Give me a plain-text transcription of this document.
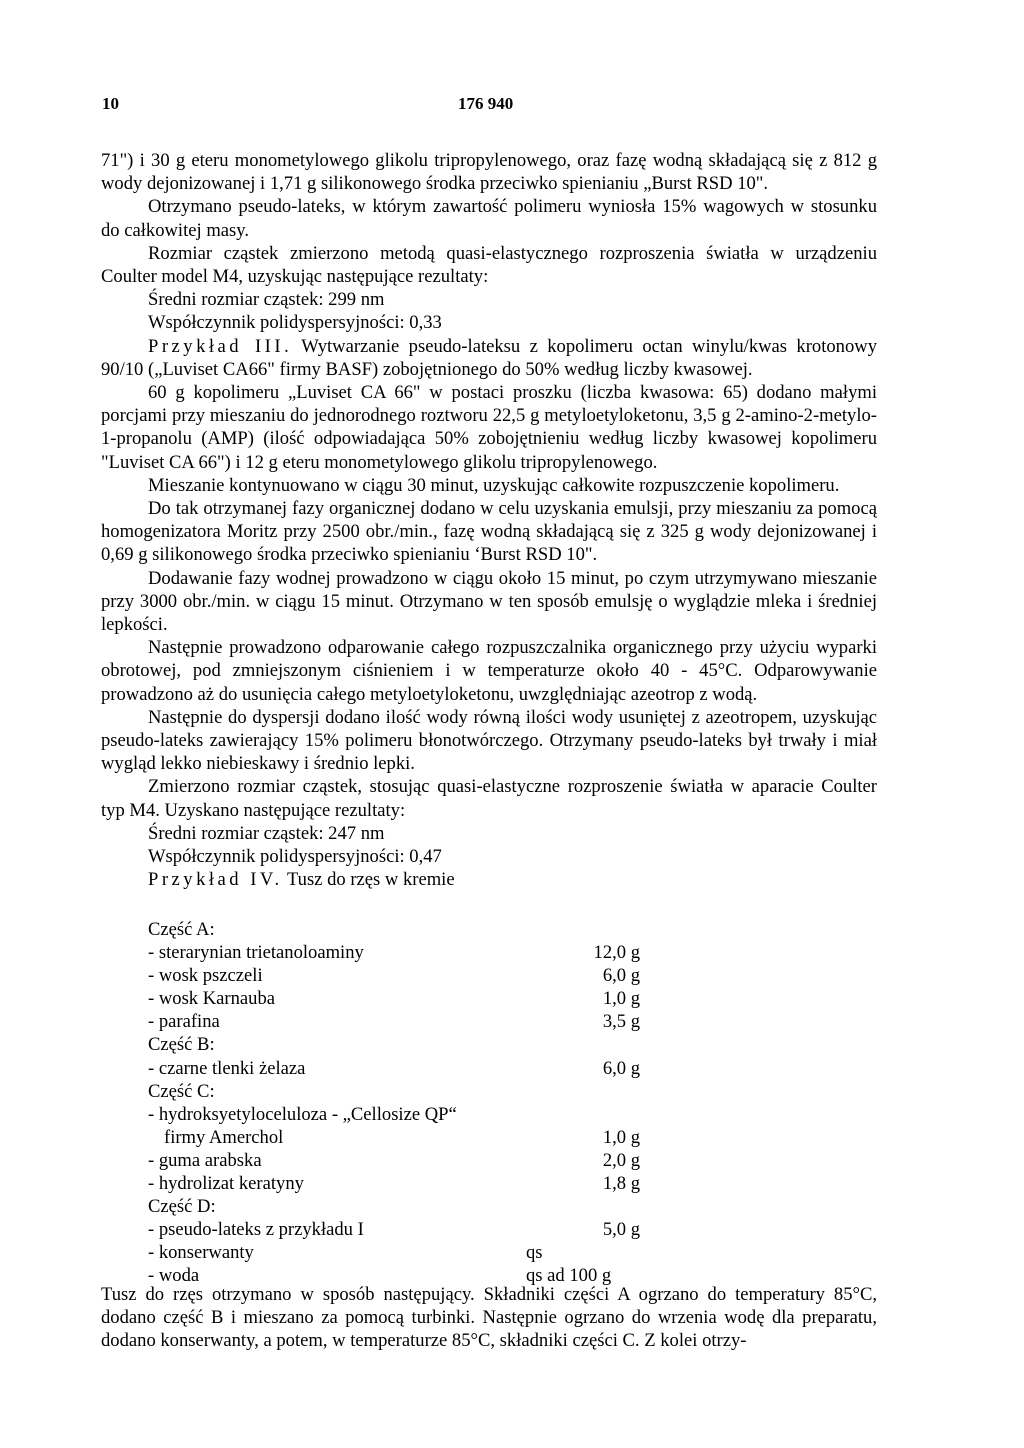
10	176 940

71") i 30 g eteru monometylowego glikolu tripropylenowego, oraz fazę wodną składającą się z 812 g wody dejonizowanej i 1,71 g silikonowego środka przeciwko spienianiu „Burst RSD 10".

Otrzymano pseudo-lateks, w którym zawartość polimeru wyniosła 15% wagowych w stosunku do całkowitej masy.

Rozmiar cząstek zmierzono metodą quasi-elastycznego rozproszenia światła w urządzeniu Coulter model M4, uzyskując następujące rezultaty:

Średni rozmiar cząstek: 299 nm

Współczynnik polidyspersyjności: 0,33

Przykład III. Wytwarzanie pseudo-lateksu z kopolimeru octan winylu/kwas krotonowy 90/10 („Luviset CA66" firmy BASF) zobojętnionego do 50% według liczby kwasowej.

60 g kopolimeru „Luviset CA 66" w postaci proszku (liczba kwasowa: 65) dodano małymi porcjami przy mieszaniu do jednorodnego roztworu 22,5 g metyloetyloketonu, 3,5 g 2-amino-2-metylo-1-propanolu (AMP) (ilość odpowiadająca 50% zobojętnieniu według liczby kwasowej kopolimeru "Luviset CA 66") i 12 g eteru monometylowego glikolu tripropylenowego.

Mieszanie kontynuowano w ciągu 30 minut, uzyskując całkowite rozpuszczenie kopolimeru.

Do tak otrzymanej fazy organicznej dodano w celu uzyskania emulsji, przy mieszaniu za pomocą homogenizatora Moritz przy 2500 obr./min., fazę wodną składającą się z 325 g wody dejonizowanej i 0,69 g silikonowego środka przeciwko spienianiu ‘Burst RSD 10".

Dodawanie fazy wodnej prowadzono w ciągu około 15 minut, po czym utrzymywano mieszanie przy 3000 obr./min. w ciągu 15 minut. Otrzymano w ten sposób emulsję o wyglądzie mleka i średniej lepkości.

Następnie prowadzono odparowanie całego rozpuszczalnika organicznego przy użyciu wyparki obrotowej, pod zmniejszonym ciśnieniem i w temperaturze około 40 - 45°C. Odparowywanie prowadzono aż do usunięcia całego metyloetyloketonu, uwzględniając azeotrop z wodą.

Następnie do dyspersji dodano ilość wody równą ilości wody usuniętej z azeotropem, uzyskując pseudo-lateks zawierający 15% polimeru błonotwórczego. Otrzymany pseudo-lateks był trwały i miał wygląd lekko niebieskawy i średnio lepki.

Zmierzono rozmiar cząstek, stosując quasi-elastyczne rozproszenie światła w aparacie Coulter typ M4. Uzyskano następujące rezultaty:

Średni rozmiar cząstek: 247 nm

Współczynnik polidyspersyjności: 0,47

Przykład IV. Tusz do rzęs w kremie

Część A:
- sterarynian trietanoloaminy	12,0 g
- wosk pszczeli	6,0 g
- wosk Karnauba	1,0 g
- parafina	3,5 g
Część B:
- czarne tlenki żelaza	6,0 g
Część C:
- hydroksyetyloceluloza - „Cellosize QP“
firmy Amerchol	1,0 g
- guma arabska	2,0 g
- hydrolizat keratyny	1,8 g
Część D:
- pseudo-lateks z przykładu I	5,0 g
- konserwanty	qs
- woda	qs ad 100 g

Tusz do rzęs otrzymano w sposób następujący. Składniki części A ogrzano do temperatury 85°C, dodano część B i mieszano za pomocą turbinki. Następnie ogrzano do wrzenia wodę dla preparatu, dodano konserwanty, a potem, w temperaturze 85°C, składniki części C. Z kolei otrzy-
